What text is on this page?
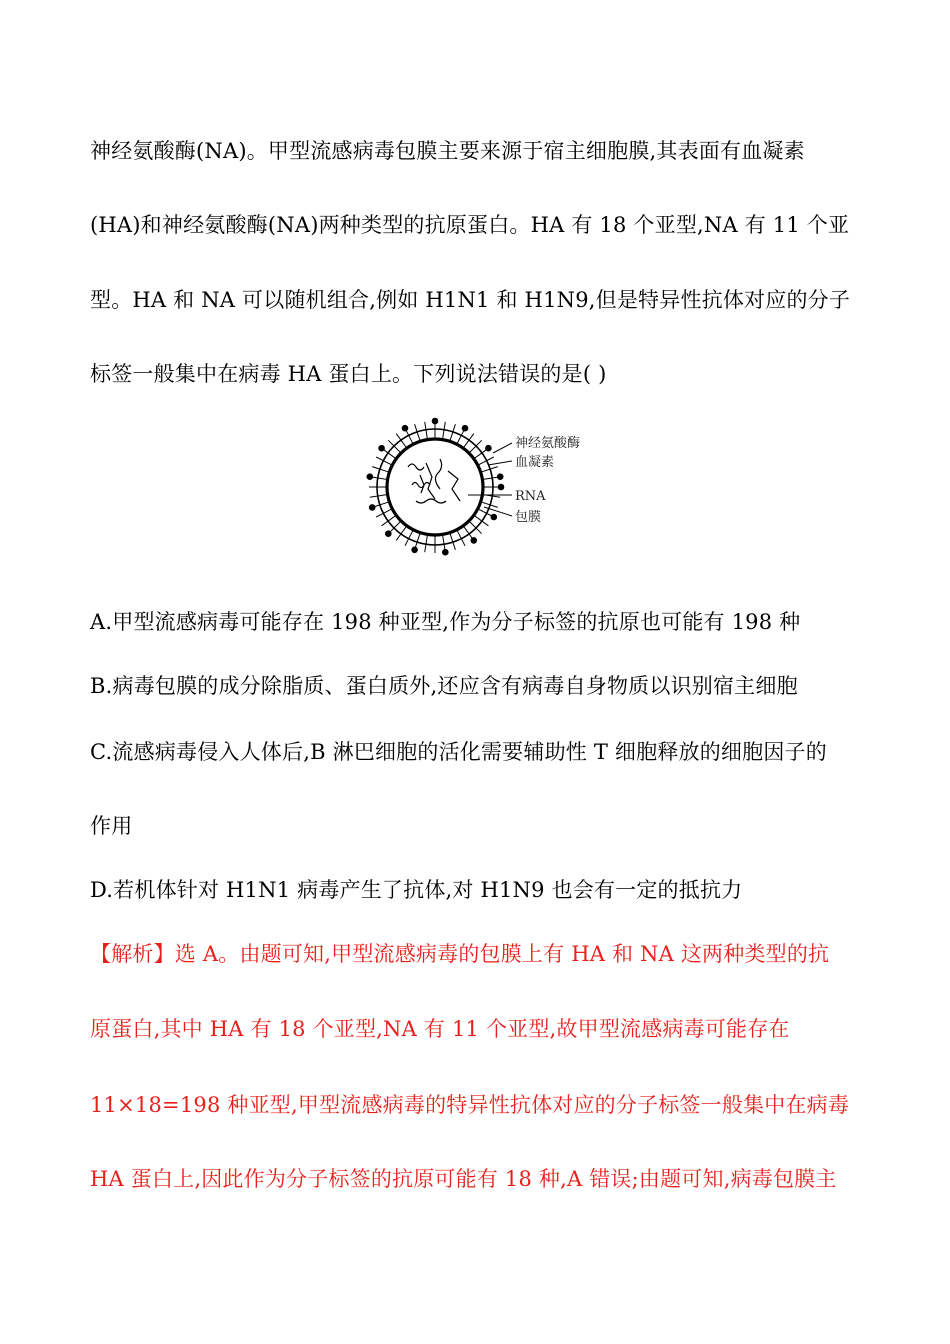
神经氨酸酶(NA)。甲型流感病毒包膜主要来源于宿主细胞膜,其表面有血凝素
(HA)和神经氨酸酶(NA)两种类型的抗原蛋白。HA 有 18 个亚型,NA 有 11 个亚
型。HA 和 NA 可以随机组合,例如 H1N1 和 H1N9,但是特异性抗体对应的分子
标签一般集中在病毒 HA 蛋白上。下列说法错误的是( )
神经氨酸酶
血凝素
RNA
包膜
A.甲型流感病毒可能存在 198 种亚型,作为分子标签的抗原也可能有 198 种
B.病毒包膜的成分除脂质、蛋白质外,还应含有病毒自身物质以识别宿主细胞
C.流感病毒侵入人体后,B 淋巴细胞的活化需要辅助性 T 细胞释放的细胞因子的
作用
D.若机体针对 H1N1 病毒产生了抗体,对 H1N9 也会有一定的抵抗力
【解析】选 A。由题可知,甲型流感病毒的包膜上有 HA 和 NA 这两种类型的抗
原蛋白,其中 HA 有 18 个亚型,NA 有 11 个亚型,故甲型流感病毒可能存在
11×18=198 种亚型,甲型流感病毒的特异性抗体对应的分子标签一般集中在病毒
HA 蛋白上,因此作为分子标签的抗原可能有 18 种,A 错误;由题可知,病毒包膜主
